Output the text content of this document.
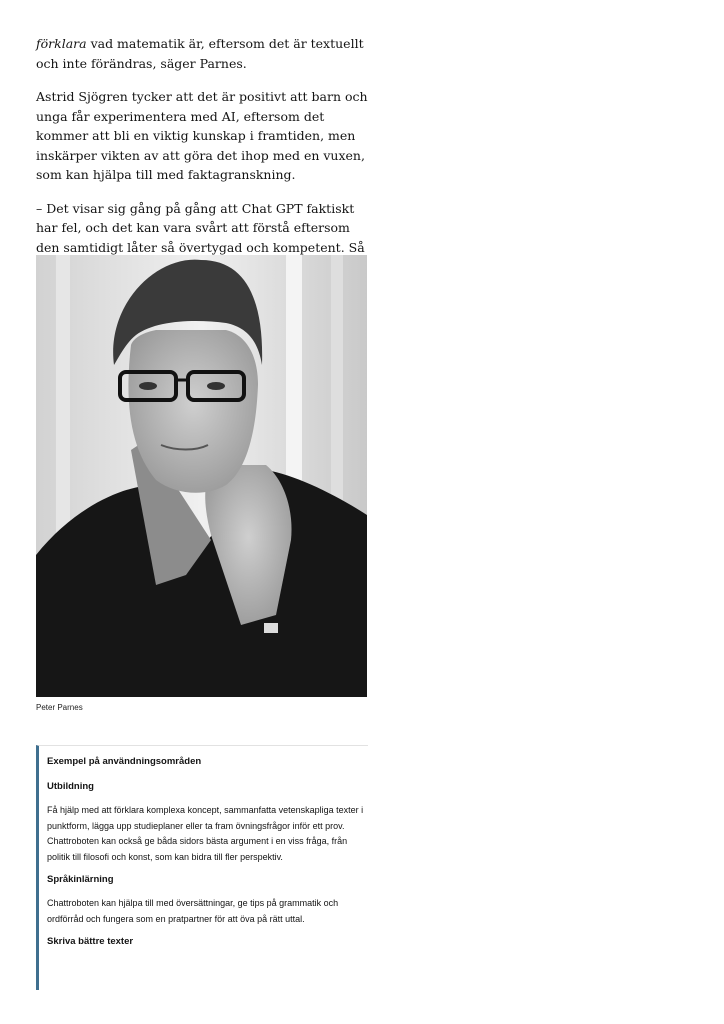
förklara vad matematik är, eftersom det är textuellt och inte förändras, säger Parnes.

Astrid Sjögren tycker att det är positivt att barn och unga får experimentera med AI, eftersom det kommer att bli en viktig kunskap i framtiden, men inskärper vikten av att göra det ihop med en vuxen, som kan hjälpa till med faktagranskning.

– Det visar sig gång på gång att Chat GPT faktiskt har fel, och det kan vara svårt att förstå eftersom den samtidigt låter så övertygad och kompetent. Så

Peter Parnes
Exempel på användningsområden
Utbildning
Få hjälp med att förklara komplexa koncept, sammanfatta vetenskapliga texter i punktform, lägga upp studieplaner eller ta fram övningsfrågor inför ett prov. Chattroboten kan också ge båda sidors bästa argument i en viss fråga, från politik till filosofi och konst, som kan bidra till fler perspektiv.
Språkinlärning
Chattroboten kan hjälpa till med översättningar, ge tips på grammatik och ordförråd och fungera som en pratpartner för att öva på rätt uttal.
Skriva bättre texter
